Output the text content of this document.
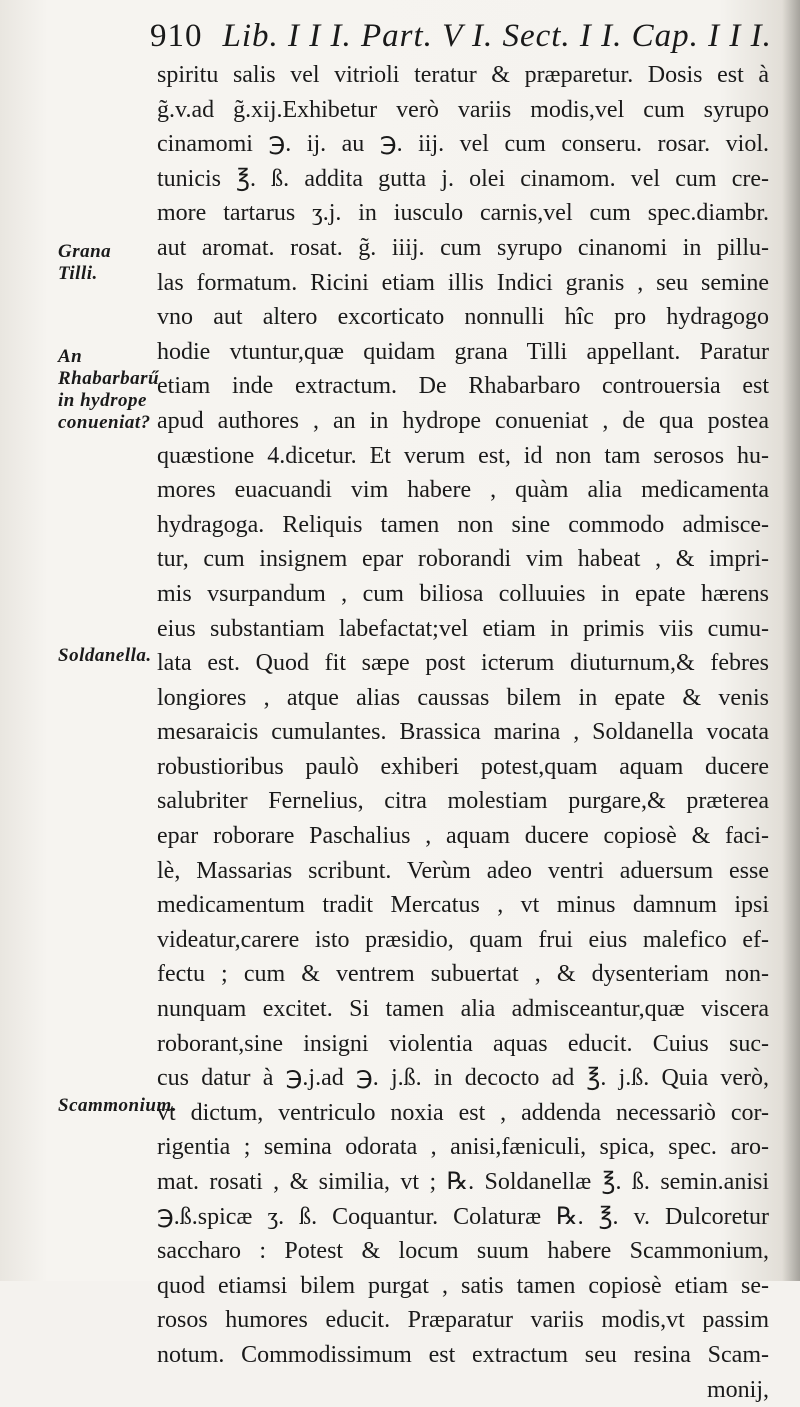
910 Lib. I I I. Part. V I. Sect. I I. Cap. I I I.
spiritu salis vel vitrioli teratur & præparetur. Dosis est à
g̃.v.ad g̃.xij.Exhibetur verò variis modis,vel cum syrupo
cinamomi ℈. ij. au ℈. iij. vel cum conseru. rosar. viol.
tunicis ℥. ß. addita gutta j. olei cinamom. vel cum cre-
more tartarus ʒ.j. in iusculo carnis,vel cum spec.diambr.
aut aromat. rosat. g̃. iiij. cum syrupo cinanomi in pillu-
las formatum. Ricini etiam illis Indici granis , seu semine
vno aut altero excorticato nonnulli hîc pro hydragogo
hodie vtuntur,quæ quidam grana Tilli appellant. Paratur
etiam inde extractum. De Rhabarbaro controuersia est
apud authores , an in hydrope conueniat , de qua postea
quæstione 4.dicetur. Et verum est, id non tam serosos hu-
mores euacuandi vim habere , quàm alia medicamenta
hydragoga. Reliquis tamen non sine commodo admisce-
tur, cum insignem epar roborandi vim habeat , & impri-
mis vsurpandum , cum biliosa colluuies in epate hærens
eius substantiam labefactat;vel etiam in primis viis cumu-
lata est. Quod fit sæpe post icterum diuturnum,& febres
longiores , atque alias caussas bilem in epate & venis
mesaraicis cumulantes. Brassica marina , Soldanella vocata
robustioribus paulò exhiberi potest,quam aquam ducere
salubriter Fernelius, citra molestiam purgare,& præterea
epar roborare Paschalius , aquam ducere copiosè & faci-
lè, Massarias scribunt. Verùm adeo ventri aduersum esse
medicamentum tradit Mercatus , vt minus damnum ipsi
videatur,carere isto præsidio, quam frui eius malefico ef-
fectu ; cum & ventrem subuertat , & dysenteriam non-
nunquam excitet. Si tamen alia admisceantur,quæ viscera
roborant,sine insigni violentia aquas educit. Cuius suc-
cus datur à ℈.j.ad ℈. j.ß. in decocto ad ℥. j.ß. Quia verò,
vt dictum, ventriculo noxia est , addenda necessariò cor-
rigentia ; semina odorata , anisi,fæniculi, spica, spec. aro-
mat. rosati , & similia, vt ; ℞. Soldanellæ ℥. ß. semin.anisi
℈.ß.spicæ ʒ. ß. Coquantur. Colaturæ ℞. ℥. v. Dulcoretur
saccharo : Potest & locum suum habere Scammonium,
quod etiamsi bilem purgat , satis tamen copiosè etiam se-
rosos humores educit. Præparatur variis modis,vt passim
notum. Commodissimum est extractum seu resina Scam-
monij,
Grana Tilli.
An Rhabarbarű in hydrope conueniat?
Soldanella.
Scammonium.
